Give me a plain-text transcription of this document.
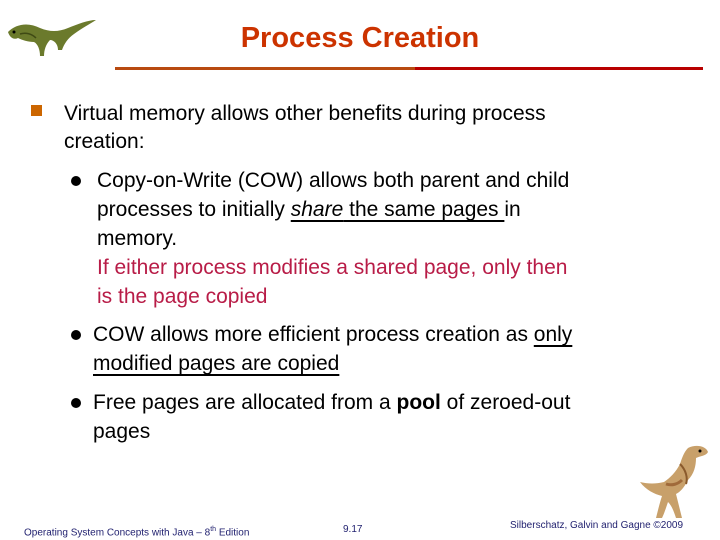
Process Creation
Virtual memory allows other benefits during process
creation:
Copy-on-Write (COW) allows both parent and child
processes to initially share the same pages in
memory.
If either process modifies a shared page, only then
is the page copied
COW allows more efficient process creation as only
modified pages are copied
Free pages are allocated from a pool of zeroed-out
pages
Operating System Concepts with Java – 8th Edition	9.17	Silberschatz, Galvin and Gagne ©2009
